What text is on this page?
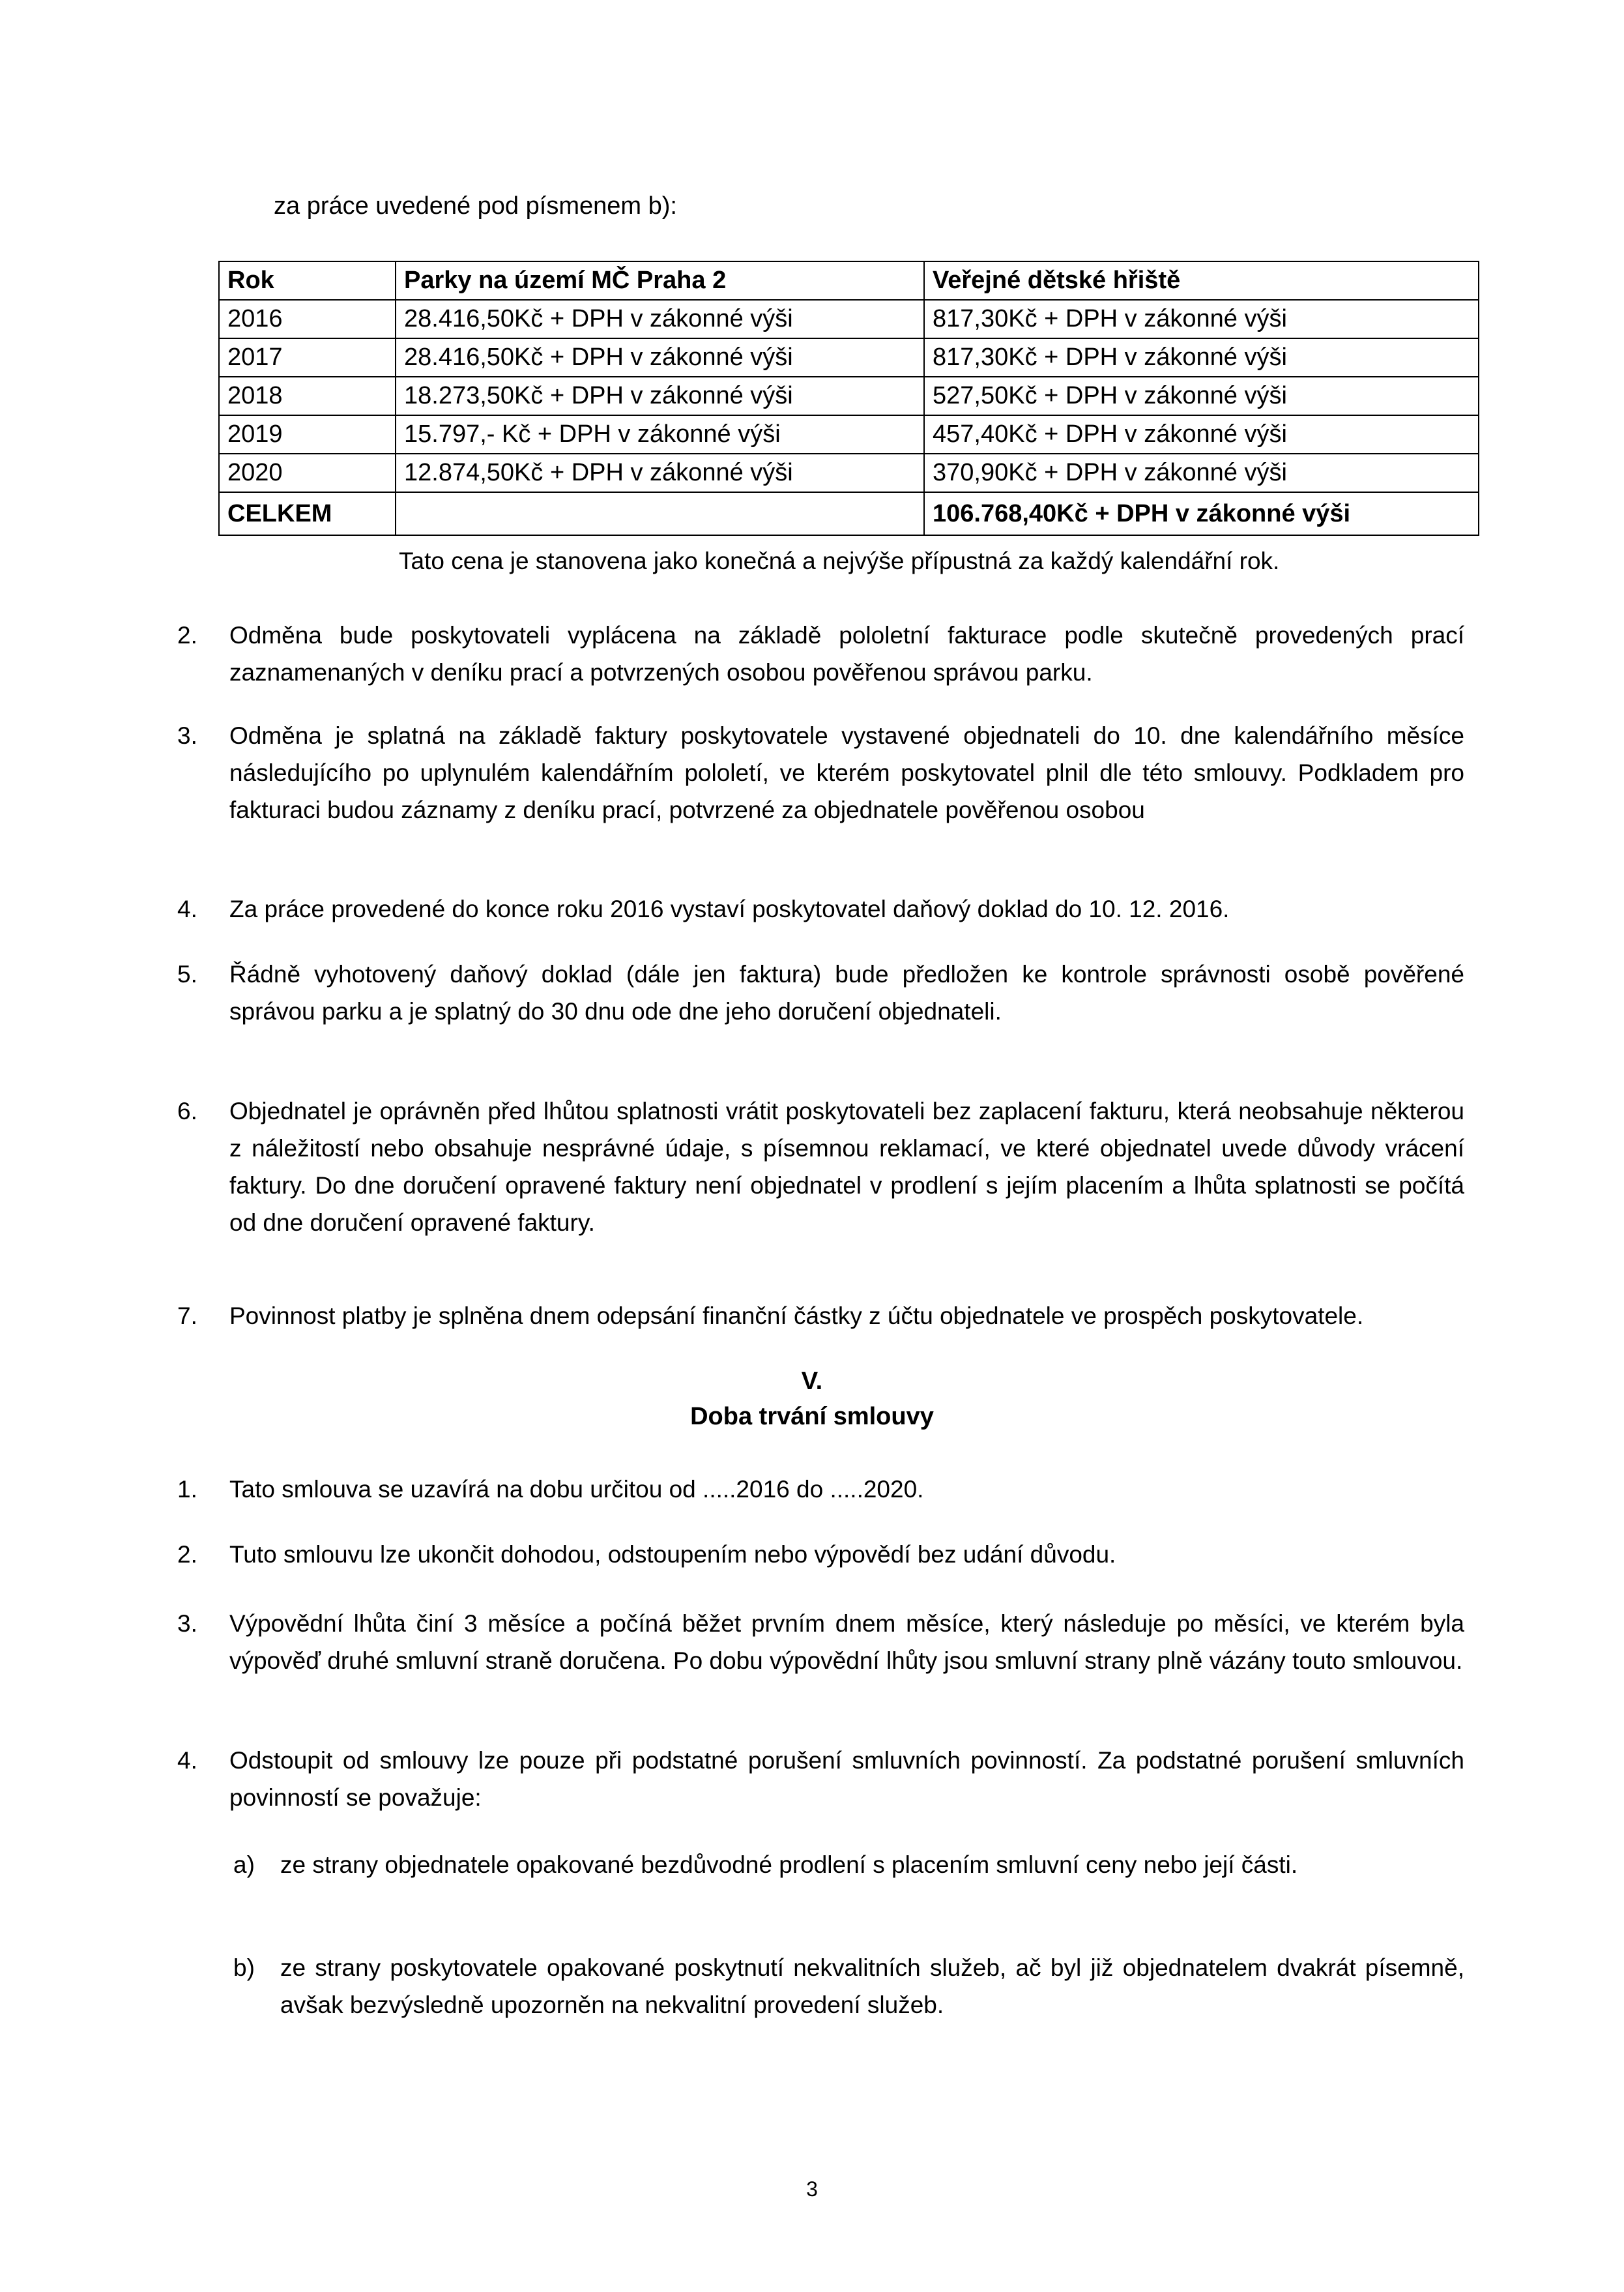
za práce uvedené pod písmenem b):
Rok	Parky na území MČ Praha 2	Veřejné dětské hřiště
2016	28.416,50Kč + DPH v zákonné výši	817,30Kč + DPH v zákonné výši
2017	28.416,50Kč + DPH v zákonné výši	817,30Kč + DPH v zákonné výši
2018	18.273,50Kč + DPH v zákonné výši	527,50Kč + DPH v zákonné výši
2019	15.797,- Kč + DPH v zákonné výši	457,40Kč + DPH v zákonné výši
2020	12.874,50Kč + DPH v zákonné výši	370,90Kč + DPH v zákonné výši
CELKEM		106.768,40Kč + DPH v zákonné výši
Tato cena je stanovena jako konečná a nejvýše přípustná za každý kalendářní rok.
2. Odměna bude poskytovateli vyplácena na základě pololetní fakturace podle skutečně provedených prací zaznamenaných v deníku prací a potvrzených osobou pověřenou správou parku.

3. Odměna je splatná na základě faktury poskytovatele vystavené objednateli do 10. dne kalendářního měsíce následujícího po uplynulém kalendářním pololetí, ve kterém poskytovatel plnil dle této smlouvy. Podkladem pro fakturaci budou záznamy z deníku prací, potvrzené za objednatele pověřenou osobou

4. Za práce provedené do konce roku 2016 vystaví poskytovatel daňový doklad do 10. 12. 2016.

5. Řádně vyhotovený daňový doklad (dále jen faktura) bude předložen ke kontrole správnosti osobě pověřené správou parku a je splatný do 30 dnu ode dne jeho doručení objednateli.

6. Objednatel je oprávněn před lhůtou splatnosti vrátit poskytovateli bez zaplacení fakturu, která neobsahuje některou z náležitostí nebo obsahuje nesprávné údaje, s písemnou reklamací, ve které objednatel uvede důvody vrácení faktury. Do dne doručení opravené faktury není objednatel v prodlení s jejím placením a lhůta splatnosti se počítá od dne doručení opravené faktury.

7. Povinnost platby je splněna dnem odepsání finanční částky z účtu objednatele ve prospěch poskytovatele.

V.
Doba trvání smlouvy
1. Tato smlouva se uzavírá na dobu určitou od .....2016 do .....2020.

2. Tuto smlouvu lze ukončit dohodou, odstoupením nebo výpovědí bez udání důvodu.

3. Výpovědní lhůta činí 3 měsíce a počíná běžet prvním dnem měsíce, který následuje po měsíci, ve kterém byla výpověď druhé smluvní straně doručena. Po dobu výpovědní lhůty jsou smluvní strany plně vázány touto smlouvou.

4. Odstoupit od smlouvy lze pouze při podstatné porušení smluvních povinností. Za podstatné porušení smluvních povinností se považuje:

a) ze strany objednatele opakované bezdůvodné prodlení s placením smluvní ceny nebo její části.

b) ze strany poskytovatele opakované poskytnutí nekvalitních služeb, ač byl již objednatelem dvakrát písemně, avšak bezvýsledně upozorněn na nekvalitní provedení služeb.

3
